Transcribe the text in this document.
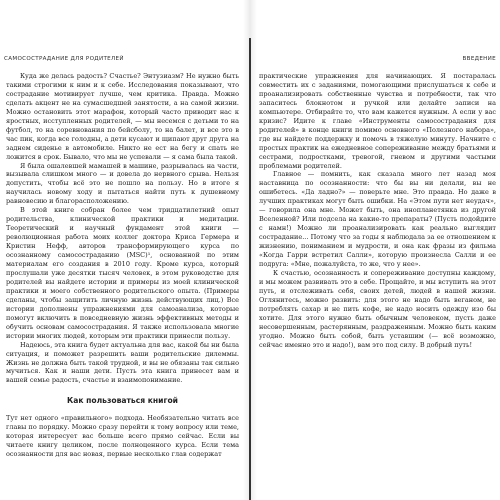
САМОСОСТРАДАНИЕ ДЛЯ РОДИТЕЛЕЙ

Куда же делась радость? Счастье? Энтузиазм? Не нужно быть такими строгими к ним и к себе. Исследования показывают, что сострадание мотивирует лучше, чем критика. Правда. Можно сделать акцент не на сумасшедшей занятости, а на самой жизни. Можно остановить этот марафон, который часто приводит нас к яростных, исступленных родителей, — мы несемся с детьми то на футбол, то на соревнования по бейсболу, то на балет, и все это в час пик, когда все голодны, а дети кусают и щипают друг друга на заднем сиденье в автомобиле. Никто не ест на бегу и спать не ложится в срок. Бывало, что мы не успевали — я сама была такой.

Я была ошалевшей мамашей в машине, разрывалась на части, вызывала слишком много — и довела до нервного срыва. Нельзя допустить, чтобы всё это не пошло на пользу. Но в итоге я научилась новому ходу и пытаться найти путь к душевному равновесию и благорасположению.

В этой книге собран более чем тридцатилетний опыт родительства, клинической практики и медитации. Теоретический и научный фундамент этой книги — революционная работа моих коллег доктора Криса Гермера и Кристин Нефф, авторов трансформирующего курса по осознанному самосостраданию (MSC)¹, основанной по этим материалам его создания в 2010 году. Кроме курса, который прослушали уже десятки тысяч человек, в этом руководстве для родителей вы найдете истории и примеры из моей клинической практики и моего собственного родительского опыта. (Примеры сделаны, чтобы защитить личную жизнь действующих лиц.) Все истории дополнены упражнениями для самоанализа, которые помогут включить в повседневную жизнь эффективных методы и обучить основам самосострадания. Я также использовала многие истории многих людей, которым эти практики принесли пользу.

Надеюсь, эта книга будет актуальна для вас, какой бы ни была ситуация, и поможет разрешить ваши родительские дилеммы. Жизнь не должна быть такой трудной, и вы не обязаны так сильно мучиться. Как и наши дети. Пусть эта книга принесет вам и вашей семье радость, счастье и взаимопонимание.

Как пользоваться книгой

Тут нет одного «правильного» подхода. Необязательно читать все главы по порядку. Можно сразу перейти к тому вопросу или теме, которая интересует вас больше всего прямо сейчас. Если вы читаете книгу целиком, после полноценного курса. Если тема осознанности для вас новая, первые несколько глав содержат

ВВЕДЕНИЕ

практические упражнения для начинающих. Я постаралась совместить их с заданиями, помогающими прислушаться к себе и проанализировать собственные чувства и потребности, так что запаситесь блокнотом и ручкой или делайте записи на компьютере. Отбирайте то, что вам кажется нужным. А если у вас кризис? Идите к главе «Инструменты самосострадания для родителей» в конце книги помимо основного «Полезного набора», где вы найдете поддержку и помочь в тяжелую минуту. Начните с простых практик на ежедневное сопереживание между братьями и сестрами, подростками, тревогой, гневом и другими частыми проблемами родителей.

Главное — помнить, как сказала много лет назад моя наставница по осознанности: что бы вы ни делали, вы не ошибетесь. «Да ладно?» — поверьте мне. Это правда. Но даже в лучших практиках могут быть ошибки. На «Этом пути нет неудач», — говорила она мне. Может быть, она инопланетянка из другой Вселенной? Или подсела на какие-то препараты? (Пусть подойдите с намн!) Можно ли проанализировать как реально выглядит сострадание... Потому что за годы я наблюдала за ее отношением к жизнению, пониманием и мудрости, и она как фразы из фильма «Когда Гарри встретил Салли», которую произнесла Салли и ее подруга: «Мне, пожалуйста, то же, что у нее».

К счастью, осознанность и сопереживание доступны каждому, и мы можем развивать это в себе. Прощайте, и мы вступить на этот путь, и отслеживать себя, своих детей, людей в нашей жизни. Оглянитесь, можно развить: для этого не надо быть веганом, не потреблять сахар и не пить кофе, не надо носить одежду изо бы хотите. Для этого нужно быть обычным человеком, пусть даже несовершенным, растерянным, раздраженным. Можно быть каким угодно. Можно быть собой, быть уставшим (— всё возможно, сейчас именно это и надо!), вам это под силу. В добрый путь!
